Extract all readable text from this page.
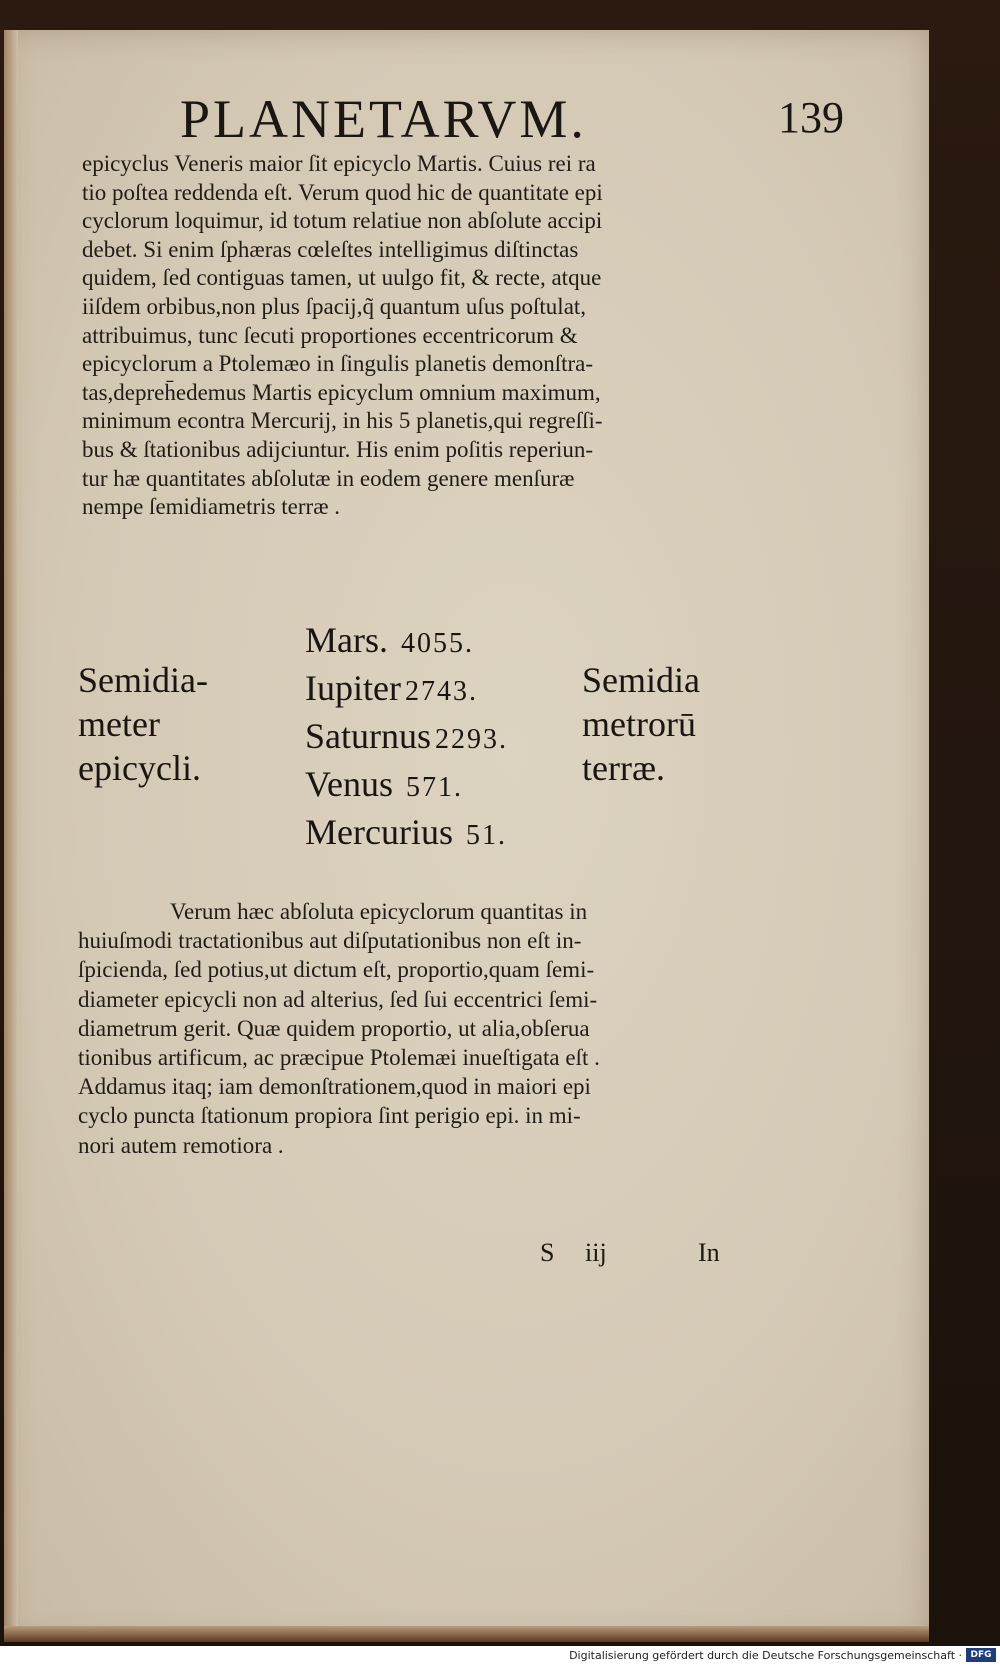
PLANETARVM.	139
epicyclus Veneris maior ſit epicyclo Martis. Cuius rei ra
tio poſtea reddenda eſt. Verum quod hic de quantitate epi
cyclorum loquimur, id totum relatiue non abſolute accipi
debet. Si enim ſphæras cœleſtes intelligimus diſtinctas
quidem, ſed contiguas tamen, ut uulgo fit, & recte, atque
iiſdem orbibus,non plus ſpacij,q̃ quantum uſus poſtulat,
attribuimus, tunc ſecuti proportiones eccentricorum &
epicyclorum a Ptolemæo in ſingulis planetis demonſtra-
tas,depreh̄edemus Martis epicyclum omnium maximum,
minimum econtra Mercurij, in his 5 planetis,qui regreſſi-
bus & ſtationibus adijciuntur. His enim poſitis reperiun-
tur hæ quantitates abſolutæ in eodem genere menſuræ
nempe ſemidiametris terræ .
Semidia-
meter
epicycli.
Mars. 4055.
Iupiter 2743.
Saturnus 2293.
Venus 571.
Mercurius 51.
Semidia
metrorū
terræ.
Verum hæc abſoluta epicyclorum quantitas in
huiuſmodi tractationibus aut diſputationibus non eſt in-
ſpicienda, ſed potius,ut dictum eſt, proportio,quam ſemi-
diameter epicycli non ad alterius, ſed ſui eccentrici ſemi-
diametrum gerit. Quæ quidem proportio, ut alia,obſerua
tionibus artificum, ac præcipue Ptolemæi inueſtigata eſt .
Addamus itaq; iam demonſtrationem,quod in maiori epi
cyclo puncta ſtationum propiora ſint perigio epi. in mi-
nori autem remotiora .
S iij	In
Digitalisierung gefördert durch die Deutsche Forschungsgemeinschaft · DFG
